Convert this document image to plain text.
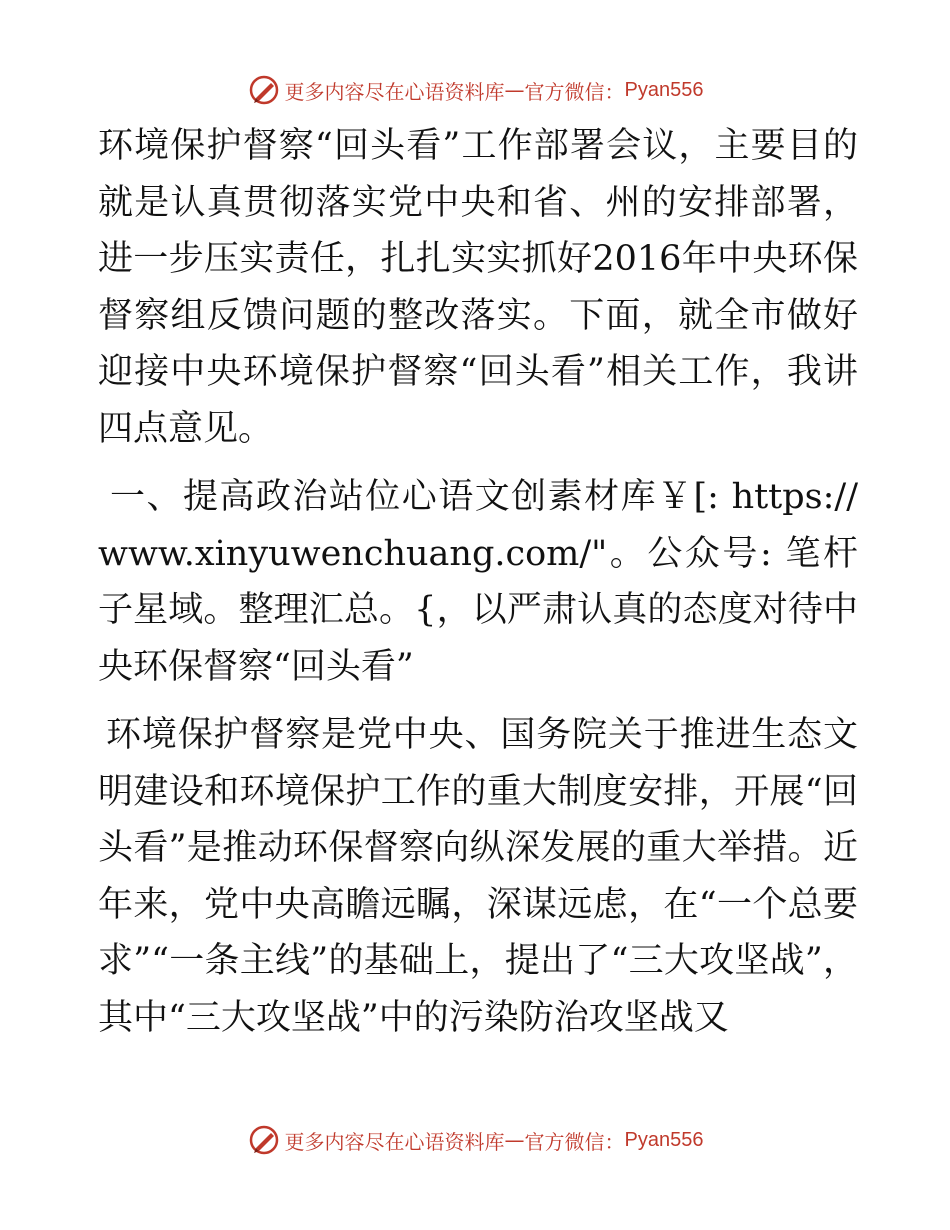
更多内容尽在心语资料库 — 官方微信： Pyan556

环境保护督察“回头看”工作部署会议，主要目的就是认真贯彻落实党中央和省、州的安排部署，进一步压实责任，扎扎实实抓好2016年中央环保督察组反馈问题的整改落实。下面，就全市做好迎接中央环境保护督察“回头看”相关工作，我讲四点意见。

一、提高政治站位心语文创素材库￥[: https://www.xinyuwenchuang.com/"。公众号: 笔杆子星域。整理汇总。{，以严肃认真的态度对待中央环保督察“回头看”

环境保护督察是党中央、国务院关于推进生态文明建设和环境保护工作的重大制度安排，开展“回头看”是推动环保督察向纵深发展的重大举措。近年来，党中央高瞻远瞩，深谋远虑，在“一个总要求”“一条主线”的基础上，提出了“三大攻坚战”，其中“三大攻坚战”中的污染防治攻坚战又

更多内容尽在心语资料库 — 官方微信： Pyan556
